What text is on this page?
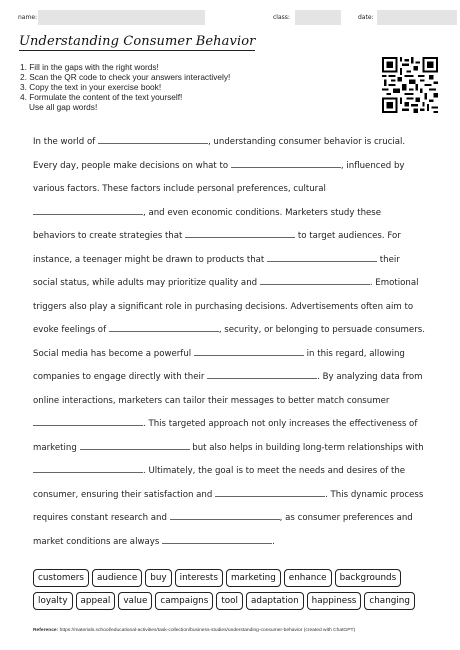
name:	class:	date:
Understanding Consumer Behavior
1. Fill in the gaps with the right words!
2. Scan the QR code to check your answers interactively!
3. Copy the text in your exercise book!
4. Formulate the content of the text yourself!
Use all gap words!

In the world of	, understanding consumer behavior is crucial. Every day, people make decisions on what to	, influenced by various factors. These factors include personal preferences, cultural , and even economic conditions. Marketers study these behaviors to create strategies that	to target audiences. For instance, a teenager might be drawn to products that	their social status, while adults may prioritize quality and	. Emotional triggers also play a significant role in purchasing decisions. Advertisements often aim to evoke feelings of	, security, or belonging to persuade consumers. Social media has become a powerful	in this regard, allowing companies to engage directly with their	. By analyzing data from online interactions, marketers can tailor their messages to better match consumer . This targeted approach not only increases the effectiveness of marketing	but also helps in building long-term relationships with . Ultimately, the goal is to meet the needs and desires of the consumer, ensuring their satisfaction and	. This dynamic process requires constant research and	, as consumer preferences and market conditions are always	.

customers	audience	buy	interests	marketing	enhance	backgrounds
loyalty	appeal	value	campaigns	tool	adaptation	happiness	changing
Reference: https://materials.school/educational-activities/task-collection/business-studies/understanding-consumer-behavior (created with ChatGPT)
